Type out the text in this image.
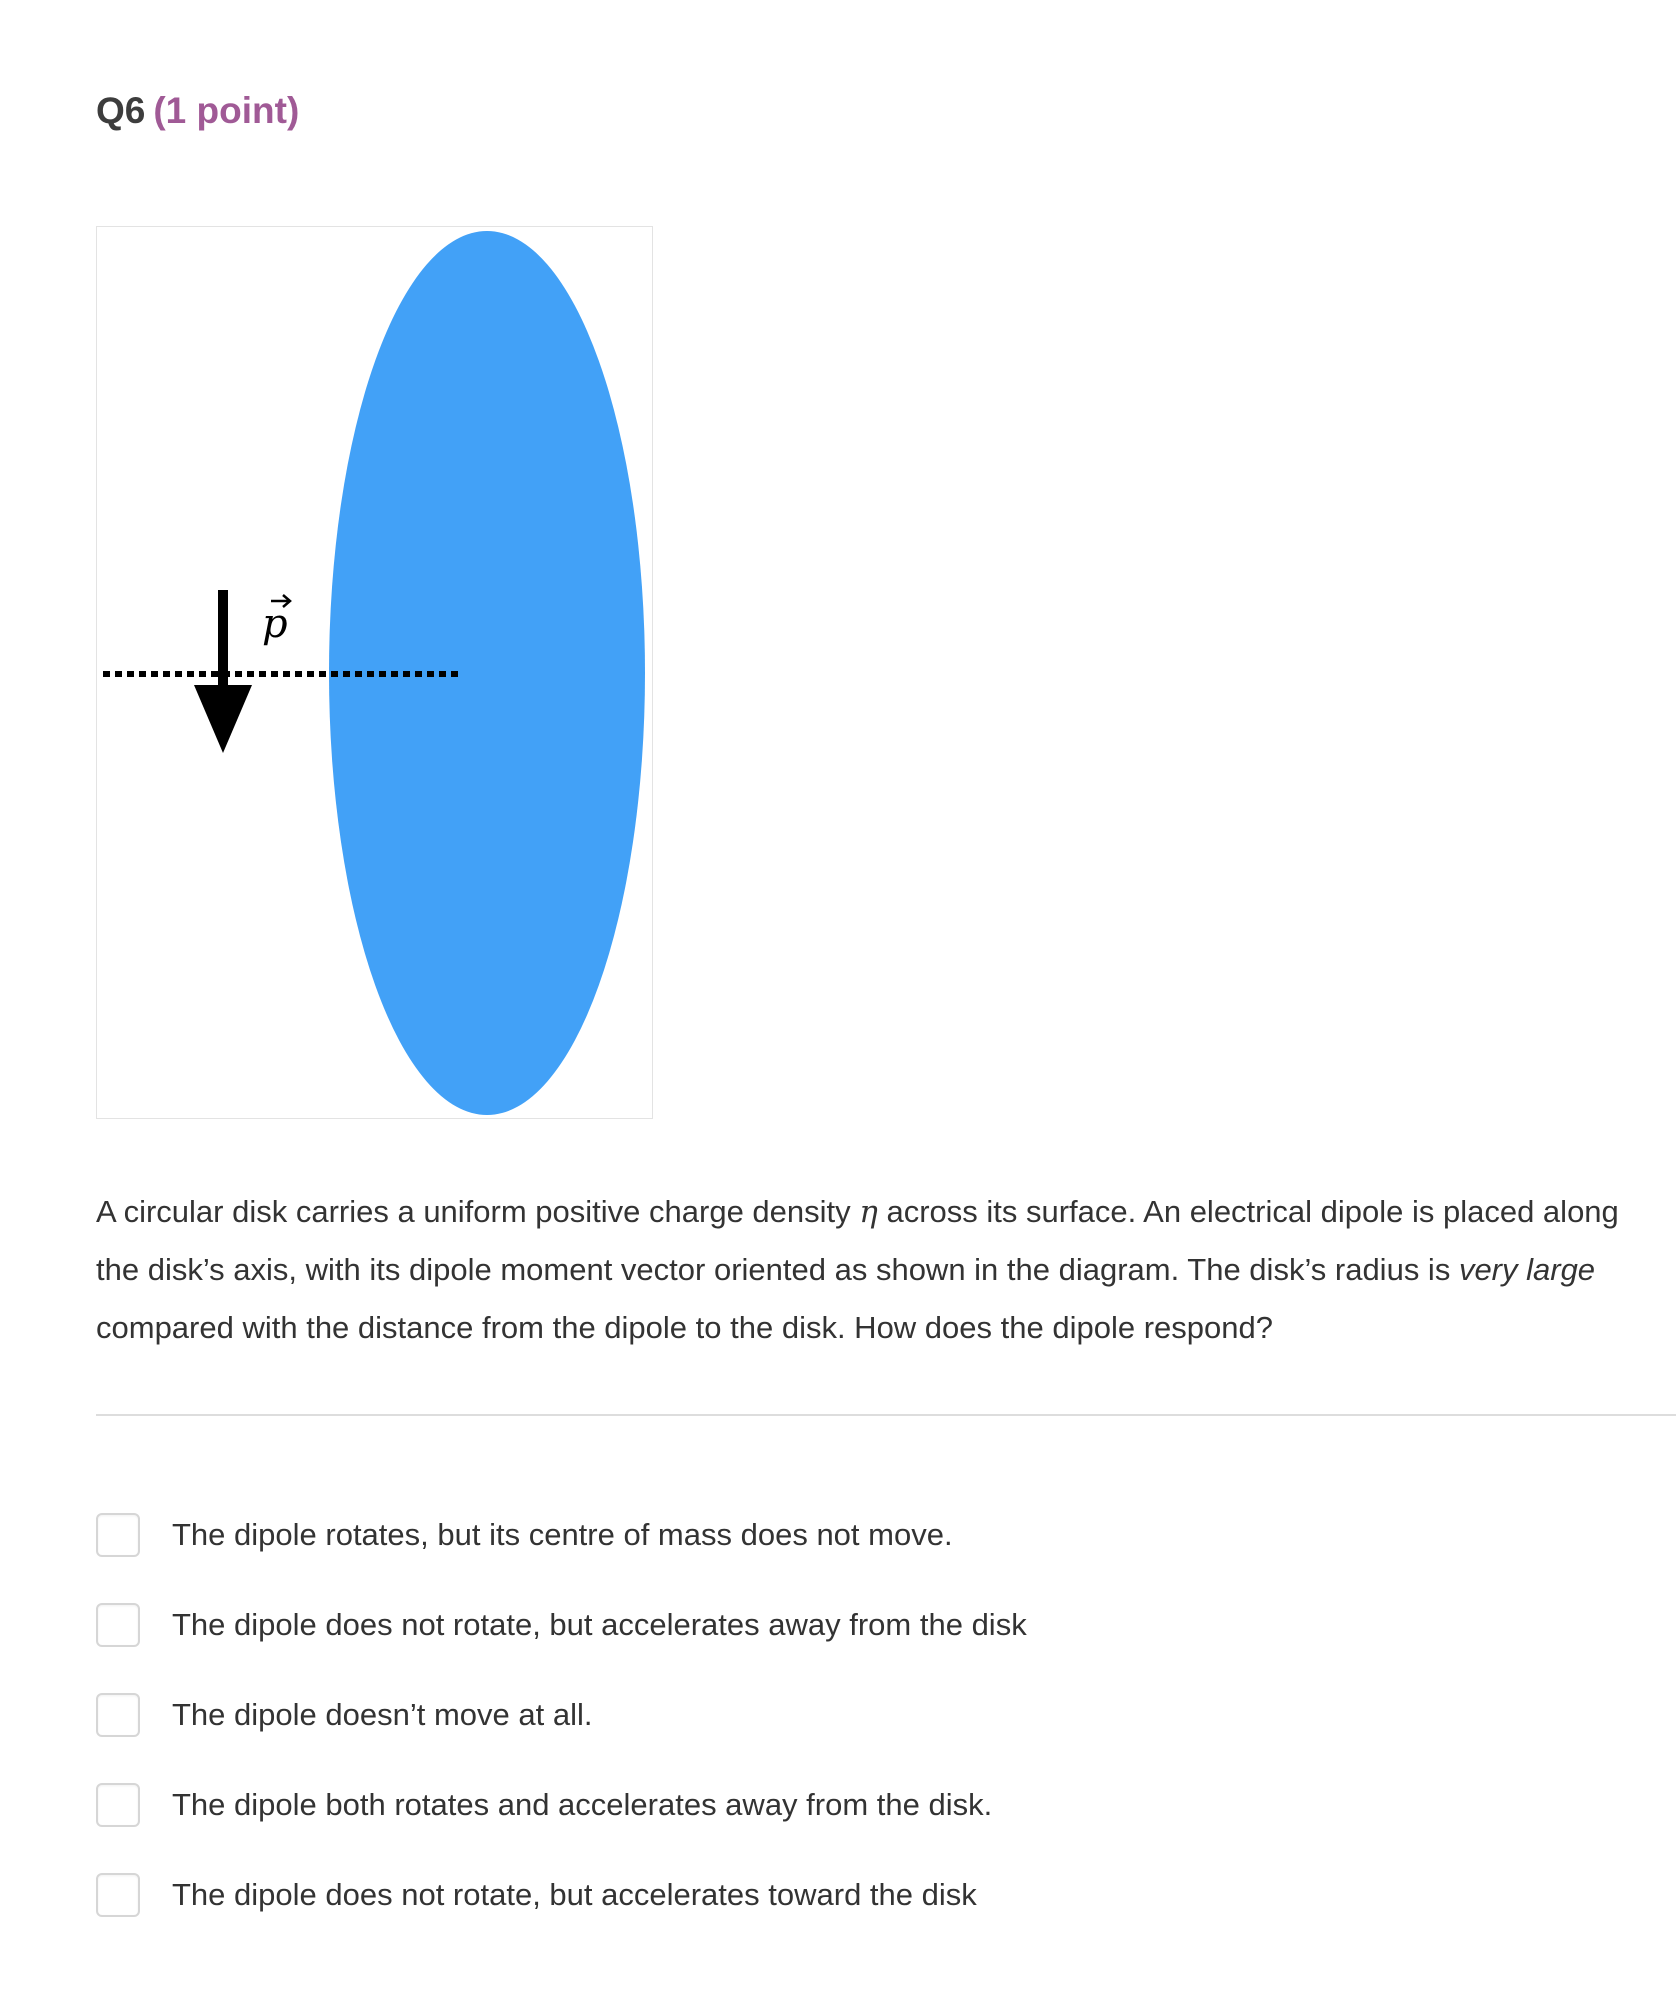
Q6 (1 point)
p
A circular disk carries a uniform positive charge density η across its surface. An electrical dipole is placed along the disk’s axis, with its dipole moment vector oriented as shown in the diagram. The disk’s radius is very large compared with the distance from the dipole to the disk. How does the dipole respond?
The dipole rotates, but its centre of mass does not move.
The dipole does not rotate, but accelerates away from the disk
The dipole doesn’t move at all.
The dipole both rotates and accelerates away from the disk.
The dipole does not rotate, but accelerates toward the disk
